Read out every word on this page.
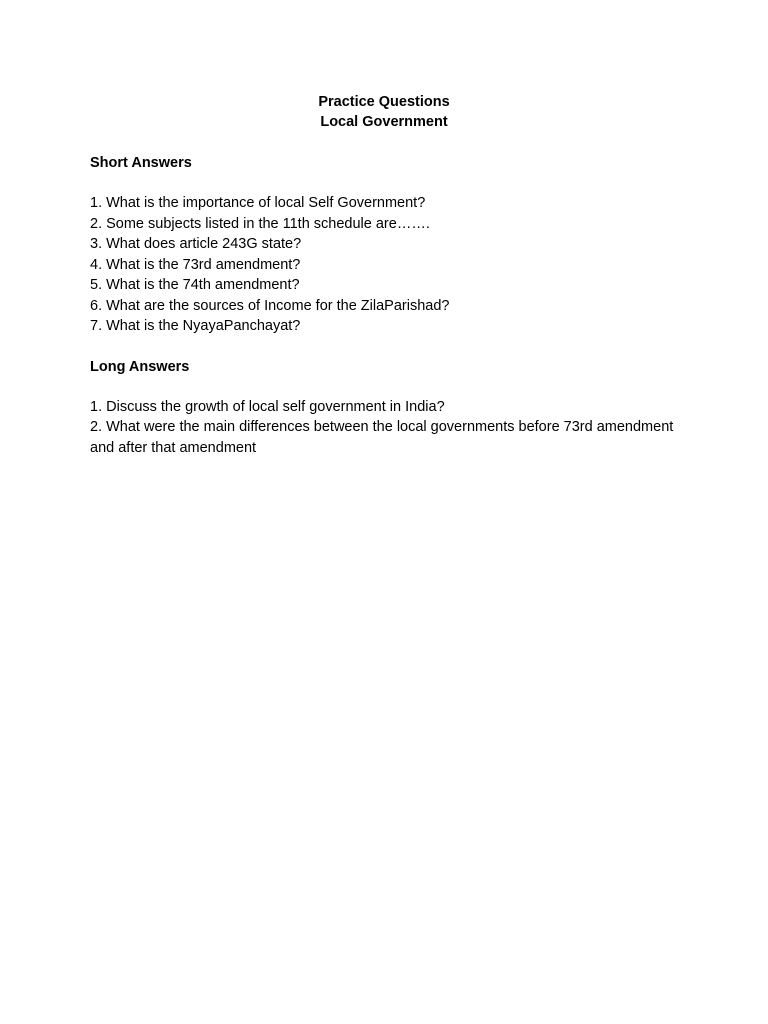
Practice Questions

Local Government

Short Answers

1. What is the importance of local Self Government?
2. Some subjects listed in the 11th schedule are…….
3. What does article 243G state?
4. What is the 73rd amendment?
5. What is the 74th amendment?
6. What are the sources of Income for the ZilaParishad?
7. What is the NyayaPanchayat?

Long Answers

1. Discuss the growth of local self government in India?
2. What were the main differences between the local governments before 73rd amendment and after that amendment
